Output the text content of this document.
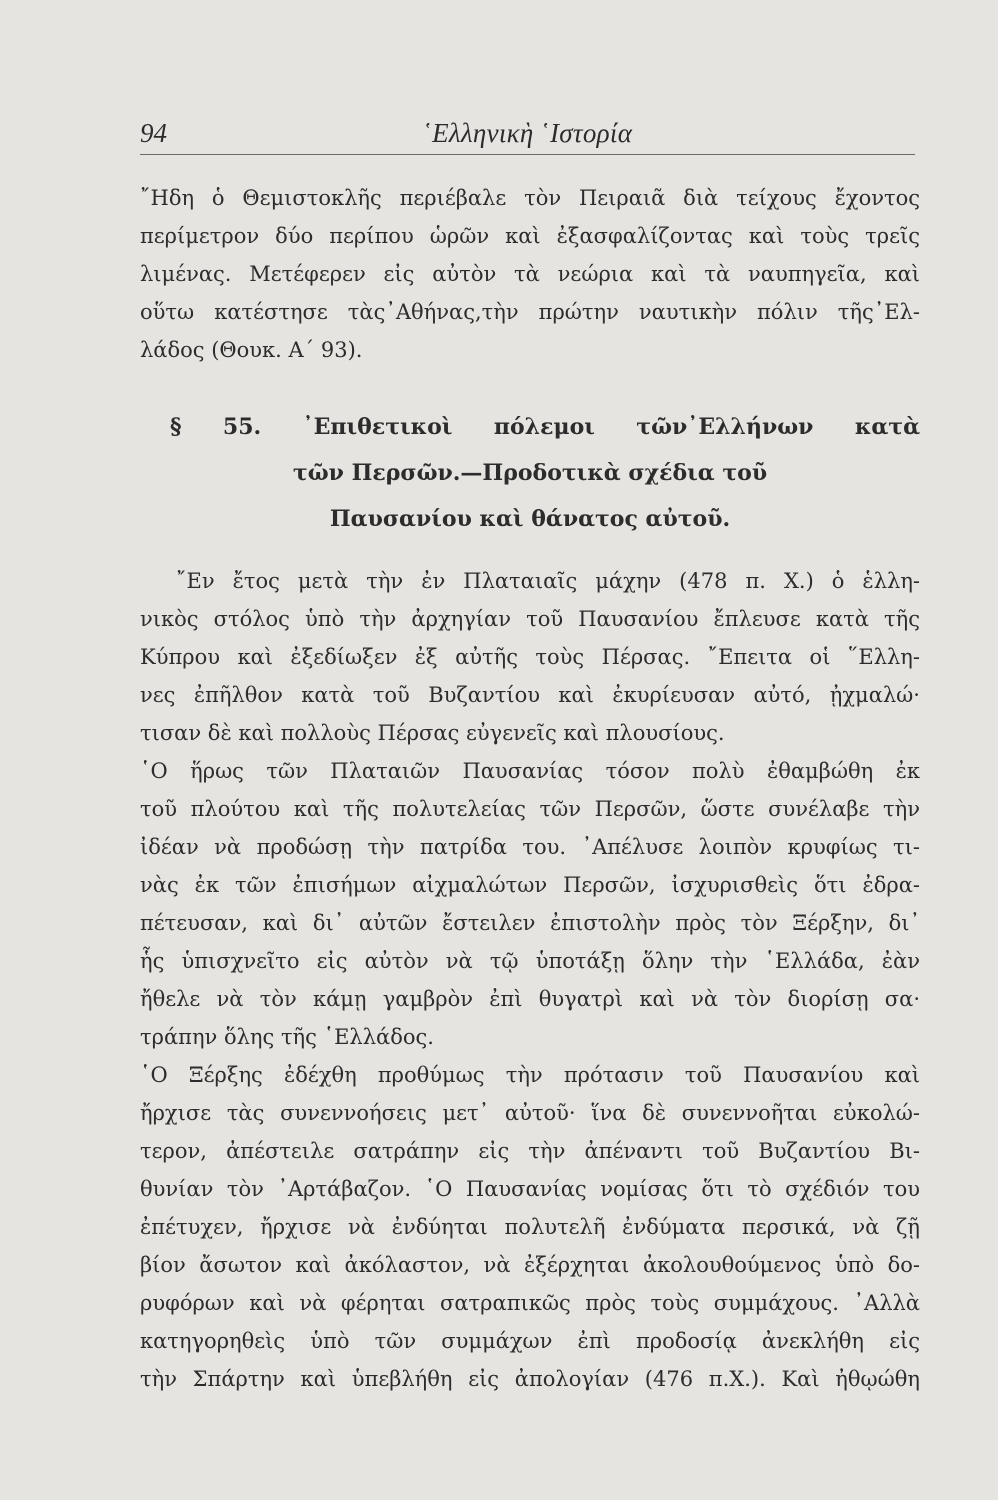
94	῾Ελληνικὴ ῾Ιστορία
῎Ηδη ὁ Θεμιστοκλῆς περιέβαλε τὸν Πειραιᾶ διὰ τείχους ἔχοντος
περίμετρον δύο περίπου ὡρῶν καὶ ἐξασφαλίζοντας καὶ τοὺς τρεῖς
λιμένας. Μετέφερεν εἰς αὐτὸν τὰ νεώρια καὶ τὰ ναυπηγεῖα, καὶ
οὕτω κατέστησε τὰς᾽Αθήνας,τὴν πρώτην ναυτικὴν πόλιν τῆς᾽Ελ-
λάδος (Θουκ. Α΄ 93).
§ 55. ᾽Επιθετικοὶ πόλεμοι τῶν᾽Ελλήνων κατὰ
τῶν Περσῶν.—Προδοτικὰ σχέδια τοῦ
Παυσανίου καὶ θάνατος αὐτοῦ.
῎Εν ἔτος μετὰ τὴν ἐν Πλαταιαῖς μάχην (478 π. Χ.) ὁ ἑλλη-
νικὸς στόλος ὑπὸ τὴν ἀρχηγίαν τοῦ Παυσανίου ἔπλευσε κατὰ τῆς
Κύπρου καὶ ἐξεδίωξεν ἐξ αὐτῆς τοὺς Πέρσας. ῎Επειτα οἱ ῞Ελλη-
νες ἐπῆλθον κατὰ τοῦ Βυζαντίου καὶ ἐκυρίευσαν αὐτό, ᾐχμαλώ·
τισαν δὲ καὶ πολλοὺς Πέρσας εὐγενεῖς καὶ πλουσίους.
῾Ο ἥρως τῶν Πλαταιῶν Παυσανίας τόσον πολὺ ἐθαμβώθη ἐκ
τοῦ πλούτου καὶ τῆς πολυτελείας τῶν Περσῶν, ὥστε συνέλαβε τὴν
ἰδέαν νὰ προδώσῃ τὴν πατρίδα του. ᾽Απέλυσε λοιπὸν κρυφίως τι-
νὰς ἐκ τῶν ἐπισήμων αἰχμαλώτων Περσῶν, ἰσχυρισθεὶς ὅτι ἐδρα-
πέτευσαν, καὶ δι᾽ αὐτῶν ἔστειλεν ἐπιστολὴν πρὸς τὸν Ξέρξην, δι᾽
ἧς ὑπισχνεῖτο εἰς αὐτὸν νὰ τῷ ὑποτάξῃ ὅλην τὴν ῾Ελλάδα, ἐὰν
ἤθελε νὰ τὸν κάμῃ γαμβρὸν ἐπὶ θυγατρὶ καὶ νὰ τὸν διορίσῃ σα·
τράπην ὅλης τῆς ῾Ελλάδος.
῾Ο Ξέρξης ἐδέχθη προθύμως τὴν πρότασιν τοῦ Παυσανίου καὶ
ἤρχισε τὰς συνεννοήσεις μετ᾽ αὐτοῦ· ἵνα δὲ συνεννοῆται εὐκολώ-
τερον, ἀπέστειλε σατράπην εἰς τὴν ἀπέναντι τοῦ Βυζαντίου Βι-
θυνίαν τὸν ᾽Αρτάβαζον. ῾Ο Παυσανίας νομίσας ὅτι τὸ σχέδιόν του
ἐπέτυχεν, ἤρχισε νὰ ἐνδύηται πολυτελῆ ἐνδύματα περσικά, νὰ ζῇ
βίον ἄσωτον καὶ ἀκόλαστον, νὰ ἐξέρχηται ἀκολουθούμενος ὑπὸ δο-
ρυφόρων καὶ νὰ φέρηται σατραπικῶς πρὸς τοὺς συμμάχους. ᾽Αλλὰ
κατηγορηθεὶς ὑπὸ τῶν συμμάχων ἐπὶ προδοσίᾳ ἀνεκλήθη εἰς
τὴν Σπάρτην καὶ ὑπεβλήθη εἰς ἀπολογίαν (476 π.Χ.). Καὶ ἠθῳώθη
